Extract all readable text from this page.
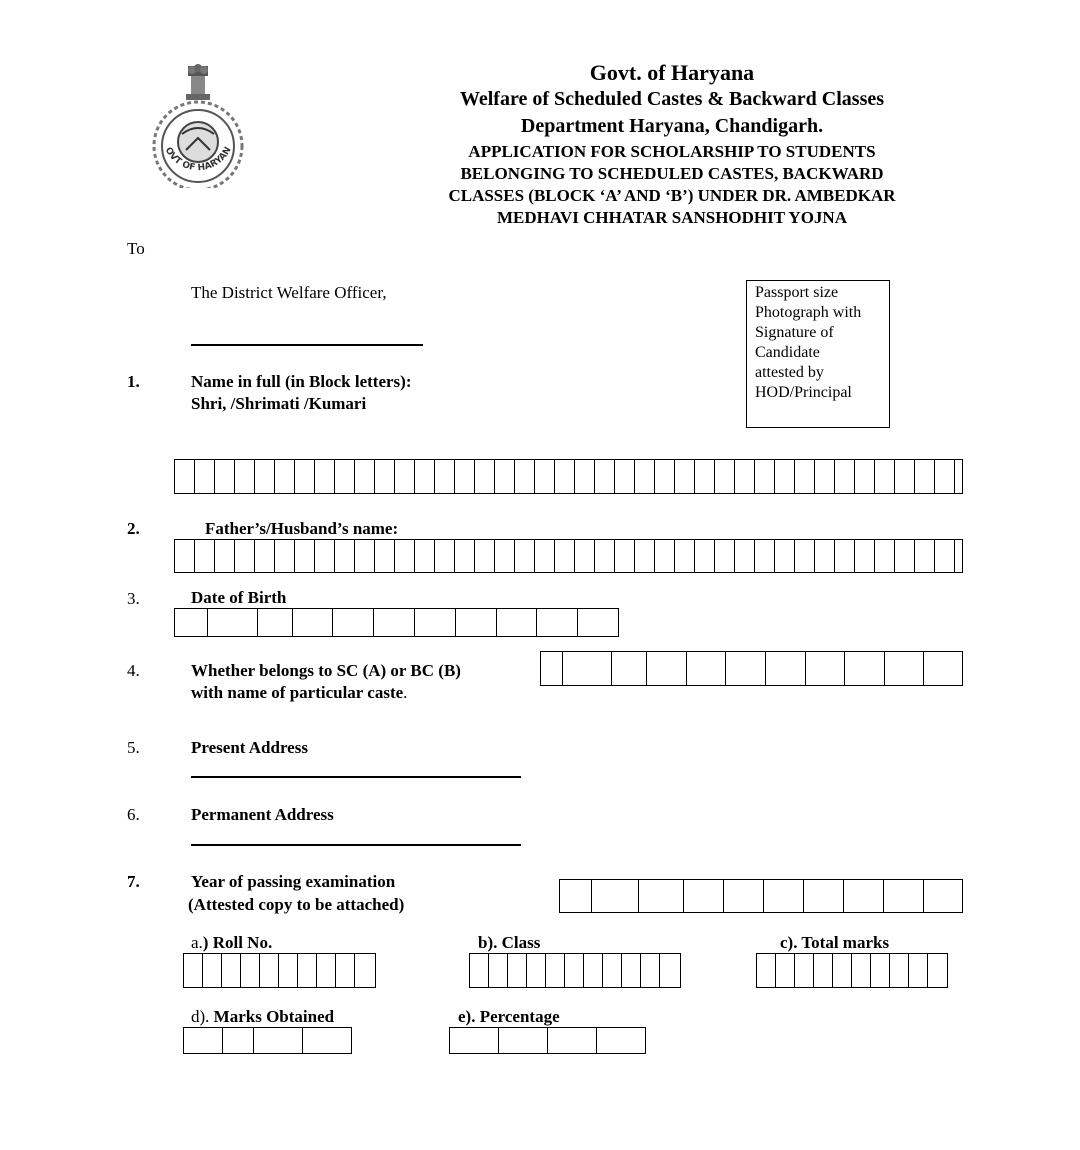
OVT OF HARYAN
Govt. of Haryana
Welfare of Scheduled Castes & Backward Classes
Department Haryana, Chandigarh.
APPLICATION FOR SCHOLARSHIP TO STUDENTS
BELONGING TO SCHEDULED CASTES, BACKWARD
CLASSES (BLOCK ‘A’ AND ‘B’) UNDER DR. AMBEDKAR
MEDHAVI CHHATAR SANSHODHIT YOJNA
To
The District Welfare Officer,	Passport size
Photograph with
Signature of
Candidate
attested by
HOD/Principal
1.	Name in full (in Block letters):
Shri, /Shrimati /Kumari
2.	Father’s/Husband’s name:
3.	Date of Birth
4.	Whether belongs to SC (A) or BC (B)
with name of particular caste.
5.	Present Address
6.	Permanent Address
7.	Year of passing examination
(Attested copy to be attached)
a.) Roll No.	b). Class	c). Total marks
d). Marks Obtained	e). Percentage
